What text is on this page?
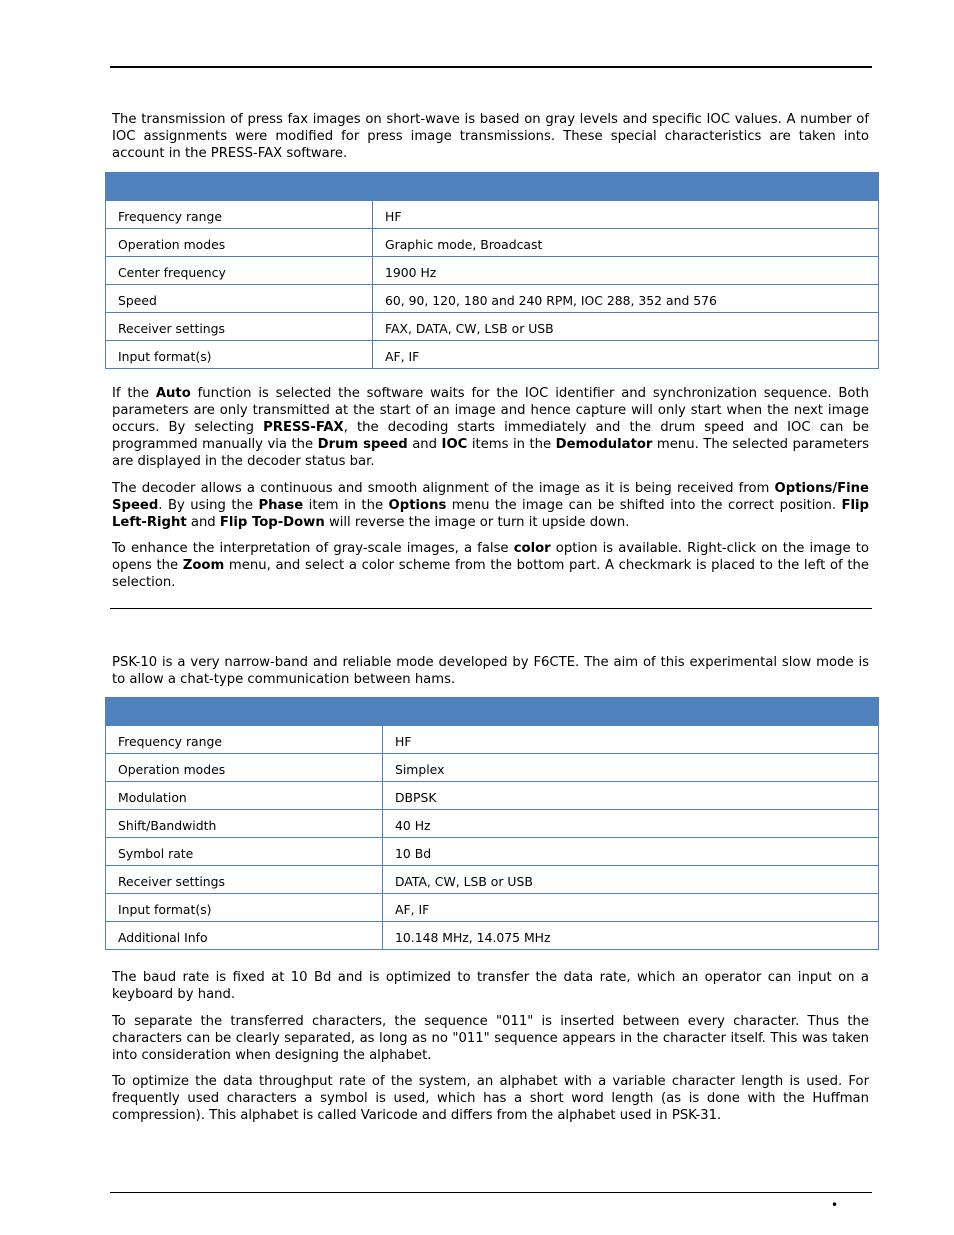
The transmission of press fax images on short-wave is based on gray levels and specific IOC values. A number of IOC assignments were modified for press image transmissions. These special characteristics are taken into account in the PRESS-FAX software.

Frequency range	HF
Operation modes	Graphic mode, Broadcast
Center frequency	1900 Hz
Speed	60, 90, 120, 180 and 240 RPM, IOC 288, 352 and 576
Receiver settings	FAX, DATA, CW, LSB or USB
Input format(s)	AF, IF

If the Auto function is selected the software waits for the IOC identifier and synchronization sequence. Both parameters are only transmitted at the start of an image and hence capture will only start when the next image occurs. By selecting PRESS-FAX, the decoding starts immediately and the drum speed and IOC can be programmed manually via the Drum speed and IOC items in the Demodulator menu. The selected parameters are displayed in the decoder status bar.

The decoder allows a continuous and smooth alignment of the image as it is being received from Options/Fine Speed. By using the Phase item in the Options menu the image can be shifted into the correct position. Flip Left-Right and Flip Top-Down will reverse the image or turn it upside down.

To enhance the interpretation of gray-scale images, a false color option is available. Right-click on the image to opens the Zoom menu, and select a color scheme from the bottom part. A checkmark is placed to the left of the selection.

PSK-10 is a very narrow-band and reliable mode developed by F6CTE. The aim of this experimental slow mode is to allow a chat-type communication between hams.

Frequency range	HF
Operation modes	Simplex
Modulation	DBPSK
Shift/Bandwidth	40 Hz
Symbol rate	10 Bd
Receiver settings	DATA, CW, LSB or USB
Input format(s)	AF, IF
Additional Info	10.148 MHz, 14.075 MHz

The baud rate is fixed at 10 Bd and is optimized to transfer the data rate, which an operator can input on a keyboard by hand.

To separate the transferred characters, the sequence "011" is inserted between every character. Thus the characters can be clearly separated, as long as no "011" sequence appears in the character itself. This was taken into consideration when designing the alphabet.

To optimize the data throughput rate of the system, an alphabet with a variable character length is used. For frequently used characters a symbol is used, which has a short word length (as is done with the Huffman compression). This alphabet is called Varicode and differs from the alphabet used in PSK-31.

•
